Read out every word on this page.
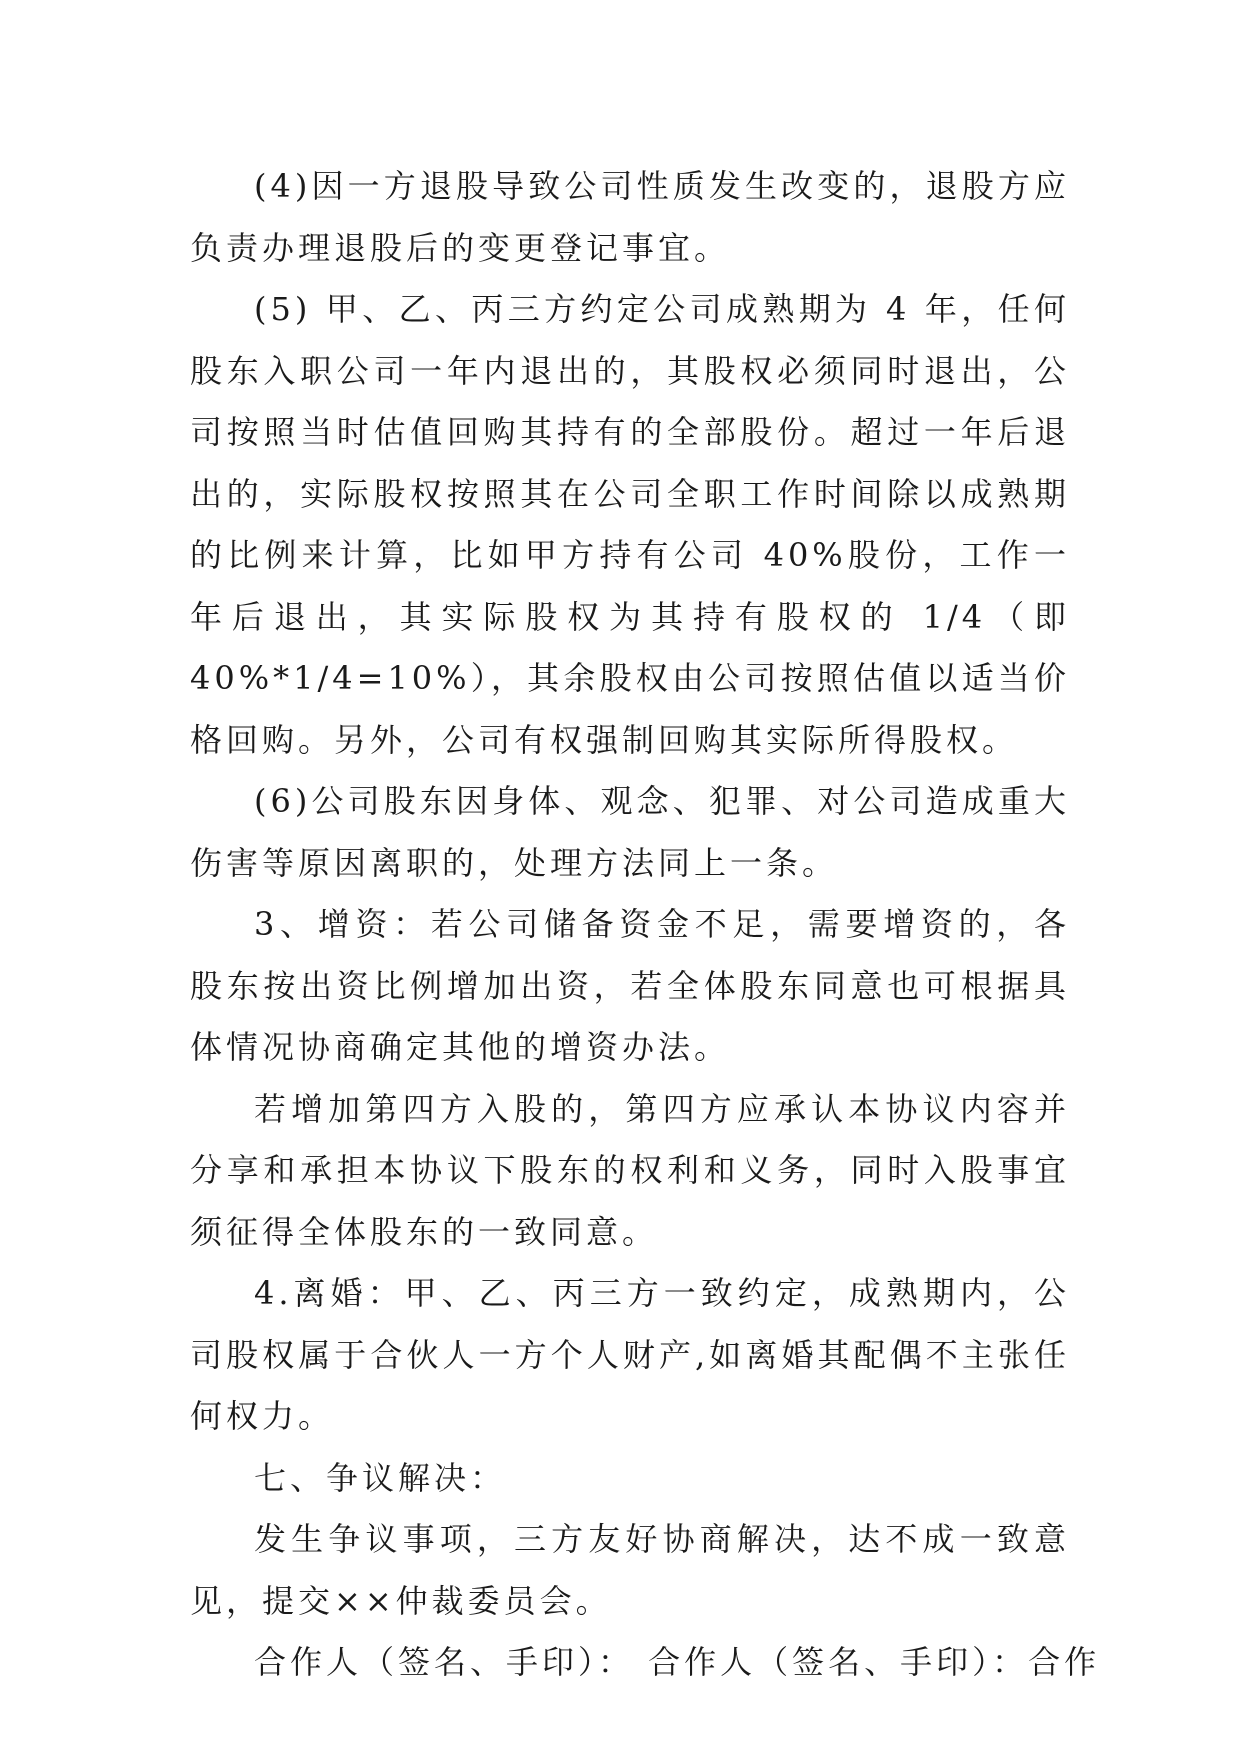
(4)因一方退股导致公司性质发生改变的，退股方应负责办理退股后的变更登记事宜。

(5) 甲、乙、丙三方约定公司成熟期为 4 年，任何股东入职公司一年内退出的，其股权必须同时退出，公司按照当时估值回购其持有的全部股份。超过一年后退出的，实际股权按照其在公司全职工作时间除以成熟期的比例来计算，比如甲方持有公司 40%股份，工作一年后退出，其实际股权为其持有股权的 1/4（即 40%*1/4=10%），其余股权由公司按照估值以适当价格回购。另外，公司有权强制回购其实际所得股权。

(6)公司股东因身体、观念、犯罪、对公司造成重大伤害等原因离职的，处理方法同上一条。

3、增资：若公司储备资金不足，需要增资的，各股东按出资比例增加出资，若全体股东同意也可根据具体情况协商确定其他的增资办法。

若增加第四方入股的，第四方应承认本协议内容并分享和承担本协议下股东的权利和义务，同时入股事宜须征得全体股东的一致同意。

4.离婚：甲、乙、丙三方一致约定，成熟期内，公司股权属于合伙人一方个人财产,如离婚其配偶不主张任何权力。

七、争议解决：

发生争议事项，三方友好协商解决，达不成一致意见，提交××仲裁委员会。

合作人（签名、手印）： 合作人（签名、手印）：合作
